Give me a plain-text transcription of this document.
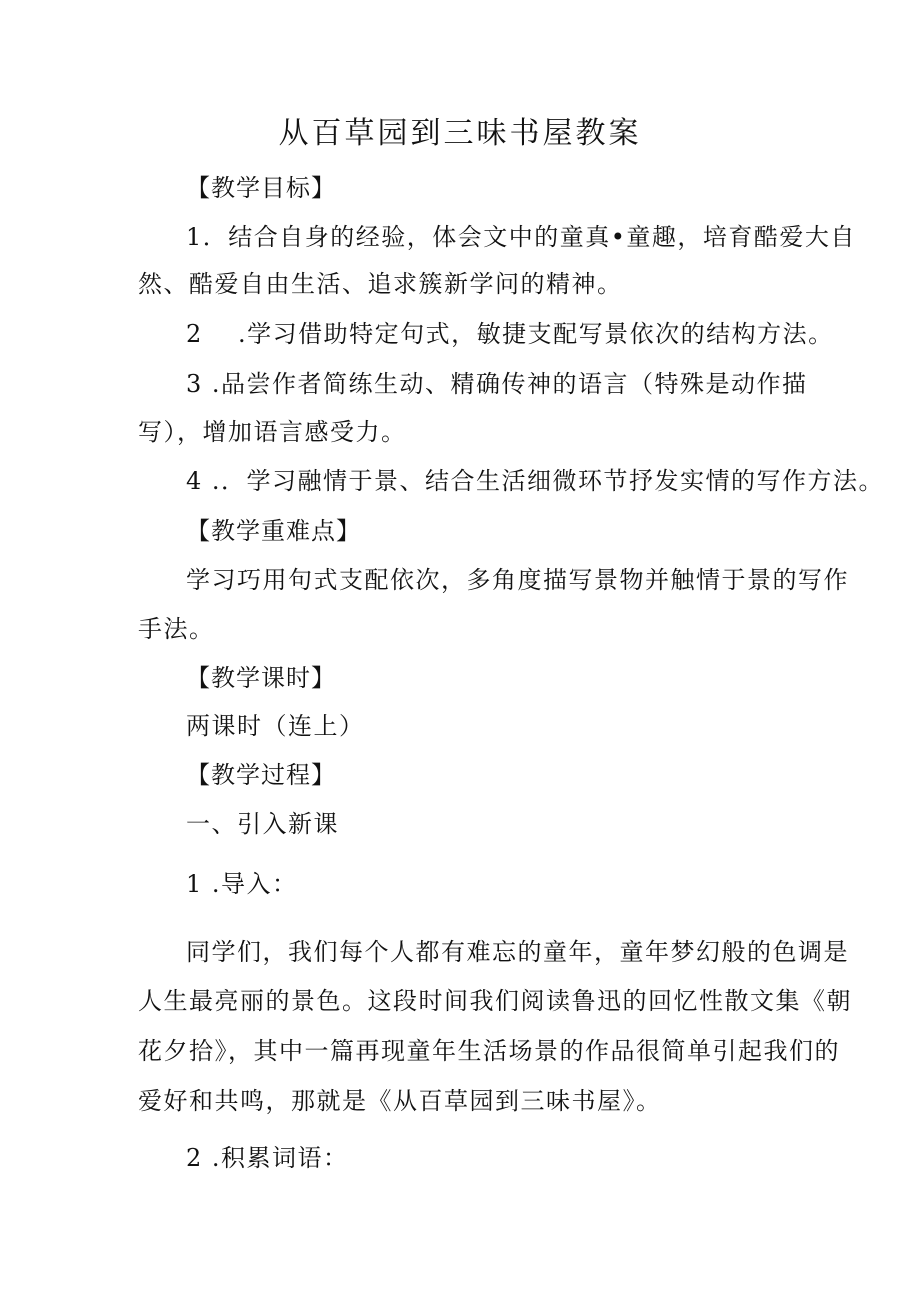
从百草园到三味书屋教案
【教学目标】
1．结合自身的经验，体会文中的童真•童趣，培育酷爱大自
然、酷爱自由生活、追求簇新学问的精神。
2 .学习借助特定句式，敏捷支配写景依次的结构方法。
3 .品尝作者简练生动、精确传神的语言（特殊是动作描
写），增加语言感受力。
4 .．学习融情于景、结合生活细微环节抒发实情的写作方法。
【教学重难点】
学习巧用句式支配依次，多角度描写景物并触情于景的写作
手法。
【教学课时】
两课时（连上）
【教学过程】
一、引入新课
1 .导入：
同学们，我们每个人都有难忘的童年，童年梦幻般的色调是
人生最亮丽的景色。这段时间我们阅读鲁迅的回忆性散文集《朝
花夕拾》，其中一篇再现童年生活场景的作品很简单引起我们的
爱好和共鸣，那就是《从百草园到三味书屋》。
2 .积累词语：
